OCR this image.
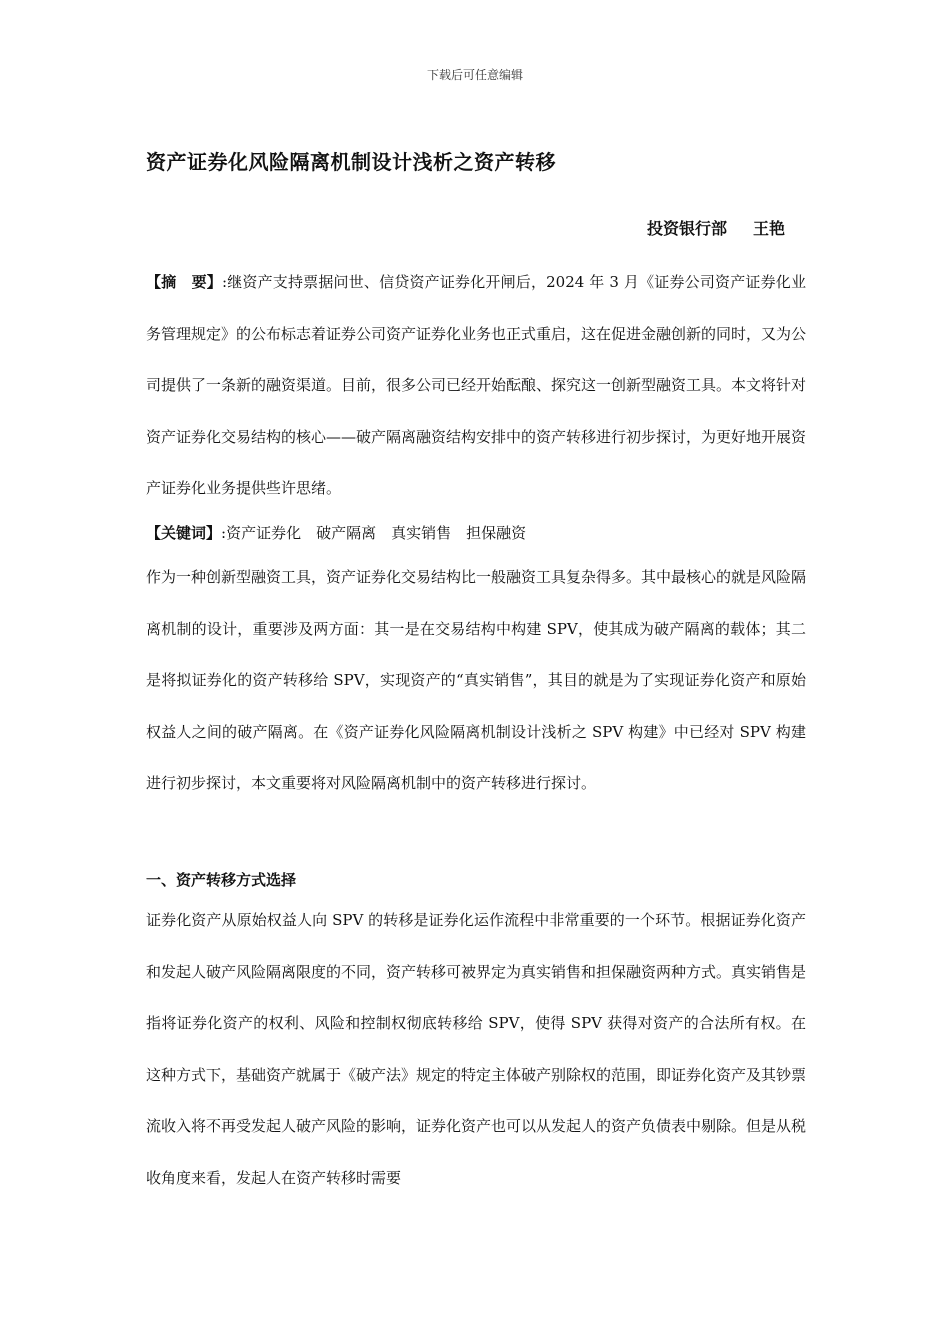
下载后可任意编辑
资产证券化风险隔离机制设计浅析之资产转移
投资银行部 王艳

【摘　要】:继资产支持票据问世、信贷资产证券化开闸后，2024 年 3 月《证券公司资产证券化业务管理规定》的公布标志着证券公司资产证券化业务也正式重启，这在促进金融创新的同时，又为公司提供了一条新的融资渠道。目前，很多公司已经开始酝酿、探究这一创新型融资工具。本文将针对资产证券化交易结构的核心——破产隔离融资结构安排中的资产转移进行初步探讨，为更好地开展资产证券化业务提供些许思绪。

【关键词】:资产证券化　破产隔离　真实销售　担保融资

作为一种创新型融资工具，资产证券化交易结构比一般融资工具复杂得多。其中最核心的就是风险隔离机制的设计，重要涉及两方面：其一是在交易结构中构建 SPV，使其成为破产隔离的载体；其二是将拟证券化的资产转移给 SPV，实现资产的“真实销售”，其目的就是为了实现证券化资产和原始权益人之间的破产隔离。在《资产证券化风险隔离机制设计浅析之 SPV 构建》中已经对 SPV 构建进行初步探讨，本文重要将对风险隔离机制中的资产转移进行探讨。

一、资产转移方式选择

证券化资产从原始权益人向 SPV 的转移是证券化运作流程中非常重要的一个环节。根据证券化资产和发起人破产风险隔离限度的不同，资产转移可被界定为真实销售和担保融资两种方式。真实销售是指将证券化资产的权利、风险和控制权彻底转移给 SPV，使得 SPV 获得对资产的合法所有权。在这种方式下，基础资产就属于《破产法》规定的特定主体破产别除权的范围，即证券化资产及其钞票流收入将不再受发起人破产风险的影响，证券化资产也可以从发起人的资产负债表中剔除。但是从税收角度来看，发起人在资产转移时需要
